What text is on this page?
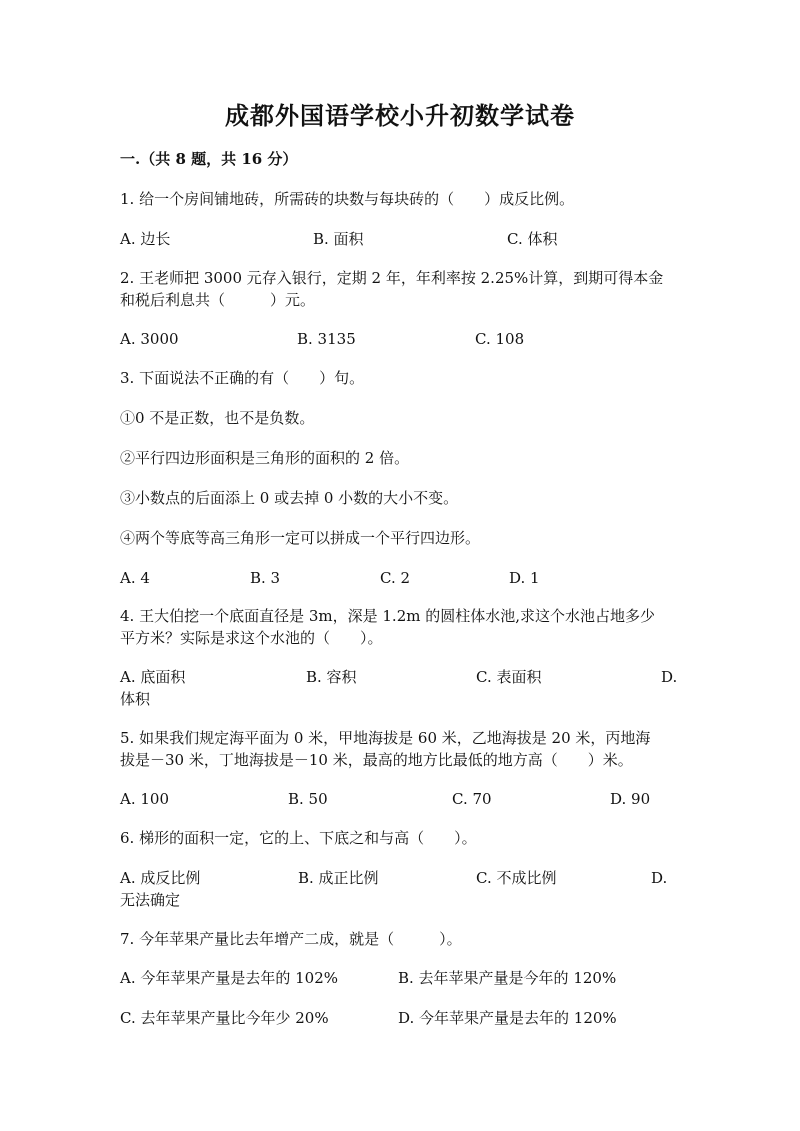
成都外国语学校小升初数学试卷
一.（共 8 题，共 16 分）
1. 给一个房间铺地砖，所需砖的块数与每块砖的（　　）成反比例。
A. 边长	B. 面积	C. 体积
2. 王老师把 3000 元存入银行，定期 2 年，年利率按 2.25%计算，到期可得本金
和税后利息共（　　　）元。
A. 3000	B. 3135	C. 108
3. 下面说法不正确的有（　　）句。
①0 不是正数，也不是负数。
②平行四边形面积是三角形的面积的 2 倍。
③小数点的后面添上 0 或去掉 0 小数的大小不变。
④两个等底等高三角形一定可以拼成一个平行四边形。
A. 4	B. 3	C. 2	D. 1
4. 王大伯挖一个底面直径是 3m，深是 1.2m 的圆柱体水池,求这个水池占地多少
平方米？实际是求这个水池的（　　）。
A. 底面积	B. 容积	C. 表面积	D.
体积
5. 如果我们规定海平面为 0 米，甲地海拔是 60 米，乙地海拔是 20 米，丙地海
拔是－30 米，丁地海拔是－10 米，最高的地方比最低的地方高（　　）米。
A. 100	B. 50	C. 70	D. 90
6. 梯形的面积一定，它的上、下底之和与高（　　）。
A. 成反比例	B. 成正比例	C. 不成比例	D.
无法确定
7. 今年苹果产量比去年增产二成，就是（　　　）。
A. 今年苹果产量是去年的 102%	B. 去年苹果产量是今年的 120%
C. 去年苹果产量比今年少 20%	D. 今年苹果产量是去年的 120%
